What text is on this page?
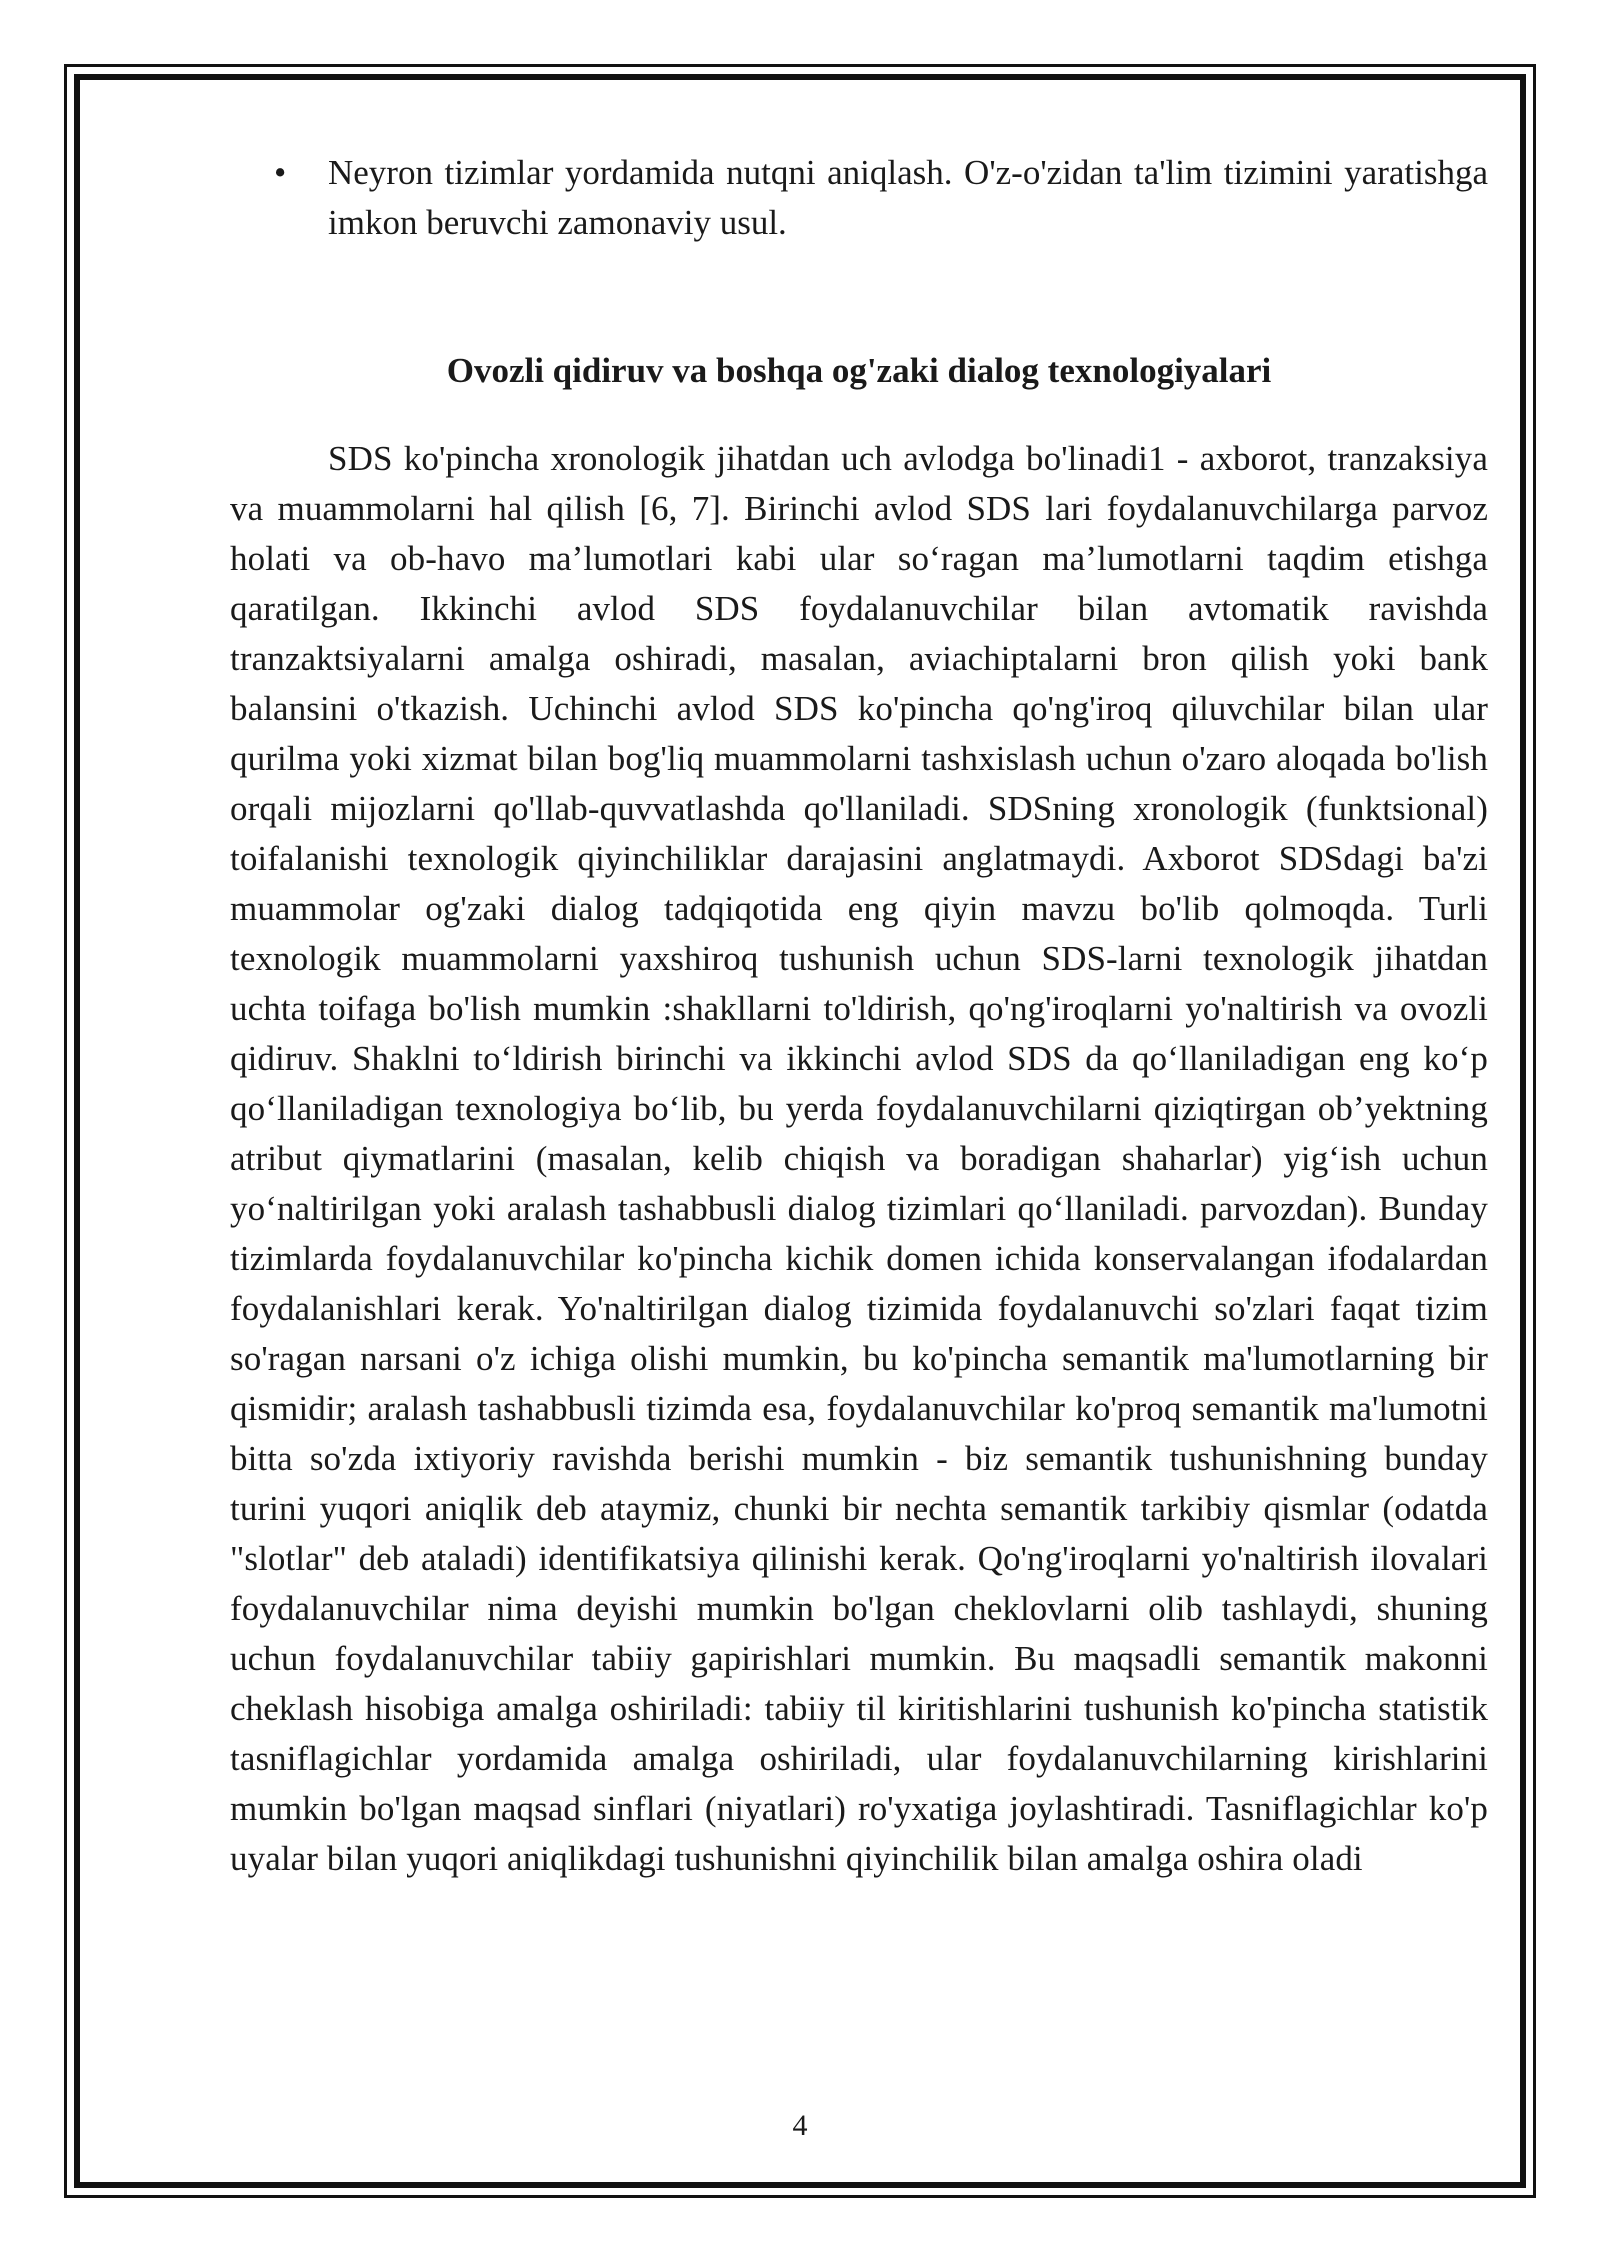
• Neyron tizimlar yordamida nutqni aniqlash. O'z-o'zidan ta'lim tizimini yaratishga imkon beruvchi zamonaviy usul.
Ovozli qidiruv va boshqa og'zaki dialog texnologiyalari
SDS ko'pincha xronologik jihatdan uch avlodga bo'linadi1 - axborot, tranzaksiya va muammolarni hal qilish [6, 7]. Birinchi avlod SDS lari foydalanuvchilarga parvoz holati va ob-havo ma’lumotlari kabi ular so‘ragan ma’lumotlarni taqdim etishga qaratilgan. Ikkinchi avlod SDS foydalanuvchilar bilan avtomatik ravishda tranzaktsiyalarni amalga oshiradi, masalan, aviachiptalarni bron qilish yoki bank balansini o'tkazish. Uchinchi avlod SDS ko'pincha qo'ng'iroq qiluvchilar bilan ular qurilma yoki xizmat bilan bog'liq muammolarni tashxislash uchun o'zaro aloqada bo'lish orqali mijozlarni qo'llab-quvvatlashda qo'llaniladi. SDSning xronologik (funktsional) toifalanishi texnologik qiyinchiliklar darajasini anglatmaydi. Axborot SDSdagi ba'zi muammolar og'zaki dialog tadqiqotida eng qiyin mavzu bo'lib qolmoqda. Turli texnologik muammolarni yaxshiroq tushunish uchun SDS-larni texnologik jihatdan uchta toifaga bo'lish mumkin :shakllarni to'ldirish, qo'ng'iroqlarni yo'naltirish va ovozli qidiruv. Shaklni to‘ldirish birinchi va ikkinchi avlod SDS da qo‘llaniladigan eng ko‘p qo‘llaniladigan texnologiya bo‘lib, bu yerda foydalanuvchilarni qiziqtirgan ob’yektning atribut qiymatlarini (masalan, kelib chiqish va boradigan shaharlar) yig‘ish uchun yo‘naltirilgan yoki aralash tashabbusli dialog tizimlari qo‘llaniladi. parvozdan). Bunday tizimlarda foydalanuvchilar ko'pincha kichik domen ichida konservalangan ifodalardan foydalanishlari kerak. Yo'naltirilgan dialog tizimida foydalanuvchi so'zlari faqat tizim so'ragan narsani o'z ichiga olishi mumkin, bu ko'pincha semantik ma'lumotlarning bir qismidir; aralash tashabbusli tizimda esa, foydalanuvchilar ko'proq semantik ma'lumotni bitta so'zda ixtiyoriy ravishda berishi mumkin - biz semantik tushunishning bunday turini yuqori aniqlik deb ataymiz, chunki bir nechta semantik tarkibiy qismlar (odatda "slotlar" deb ataladi) identifikatsiya qilinishi kerak. Qo'ng'iroqlarni yo'naltirish ilovalari foydalanuvchilar nima deyishi mumkin bo'lgan cheklovlarni olib tashlaydi, shuning uchun foydalanuvchilar tabiiy gapirishlari mumkin. Bu maqsadli semantik makonni cheklash hisobiga amalga oshiriladi: tabiiy til kiritishlarini tushunish ko'pincha statistik tasniflagichlar yordamida amalga oshiriladi, ular foydalanuvchilarning kirishlarini mumkin bo'lgan maqsad sinflari (niyatlari) ro'yxatiga joylashtiradi. Tasniflagichlar ko'p uyalar bilan yuqori aniqlikdagi tushunishni qiyinchilik bilan amalga oshira oladi
4
